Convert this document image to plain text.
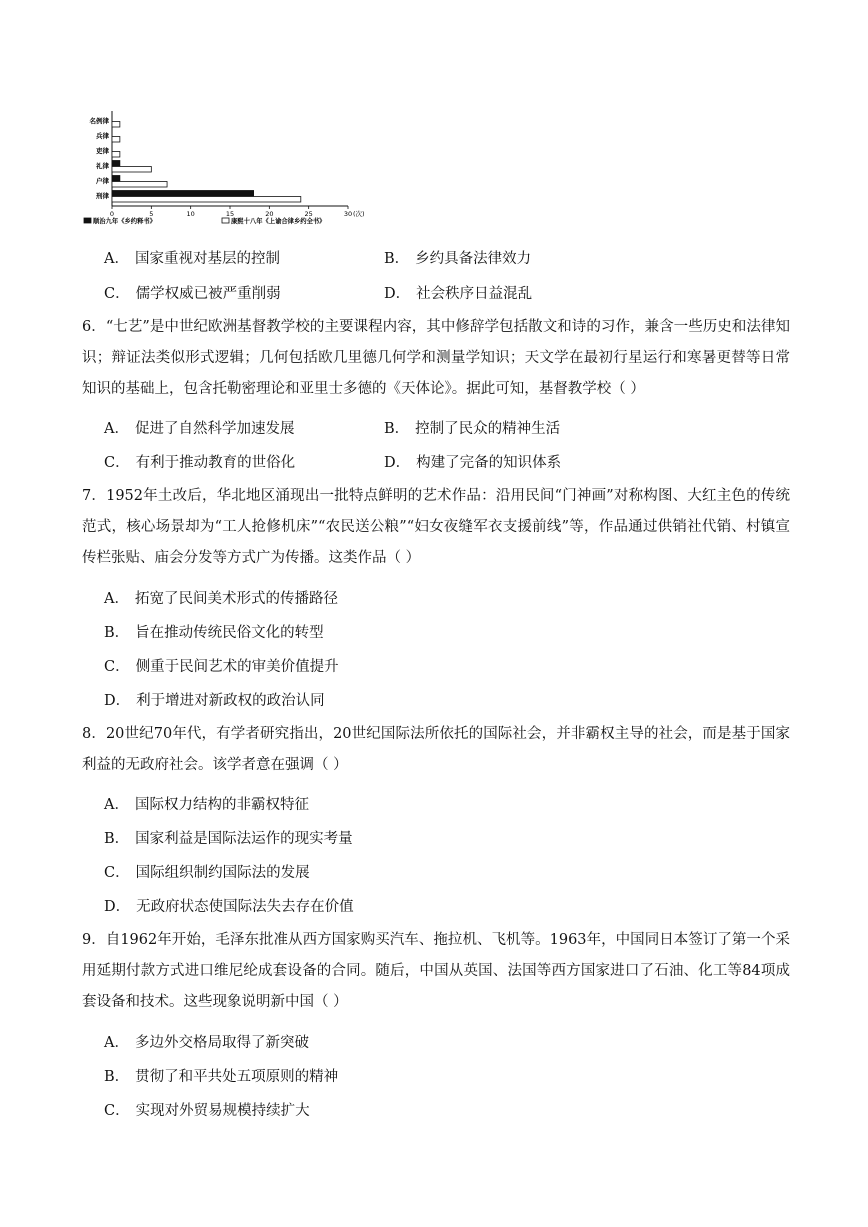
名例律
兵律
吏律
礼律
户律
刑律
0	5	10	15	20	25	30 (次)
顺治九年《乡约释书》	康熙十八年《上谕合律乡约全书》
A． 国家重视对基层的控制	B． 乡约具备法律效力
C． 儒学权威已被严重削弱	D． 社会秩序日益混乱
6．“七艺”是中世纪欧洲基督教学校的主要课程内容，其中修辞学包括散文和诗的习作，兼含一些历史和法律知识；辩证法类似形式逻辑；几何包括欧几里德几何学和测量学知识；天文学在最初行星运行和寒暑更替等日常知识的基础上，包含托勒密理论和亚里士多德的《天体论》。据此可知，基督教学校（ ）
A． 促进了自然科学加速发展	B． 控制了民众的精神生活
C． 有利于推动教育的世俗化	D． 构建了完备的知识体系
7．1952年土改后，华北地区涌现出一批特点鲜明的艺术作品：沿用民间“门神画”对称构图、大红主色的传统范式，核心场景却为“工人抢修机床”“农民送公粮”“妇女夜缝军衣支援前线”等，作品通过供销社代销、村镇宣传栏张贴、庙会分发等方式广为传播。这类作品（ ）
A． 拓宽了民间美术形式的传播路径
B． 旨在推动传统民俗文化的转型
C． 侧重于民间艺术的审美价值提升
D． 利于增进对新政权的政治认同
8．20世纪70年代，有学者研究指出，20世纪国际法所依托的国际社会，并非霸权主导的社会，而是基于国家利益的无政府社会。该学者意在强调（ ）
A． 国际权力结构的非霸权特征
B． 国家利益是国际法运作的现实考量
C． 国际组织制约国际法的发展
D． 无政府状态使国际法失去存在价值
9．自1962年开始，毛泽东批准从西方国家购买汽车、拖拉机、飞机等。1963年，中国同日本签订了第一个采用延期付款方式进口维尼纶成套设备的合同。随后，中国从英国、法国等西方国家进口了石油、化工等84项成套设备和技术。这些现象说明新中国（ ）
A． 多边外交格局取得了新突破
B． 贯彻了和平共处五项原则的精神
C． 实现对外贸易规模持续扩大
